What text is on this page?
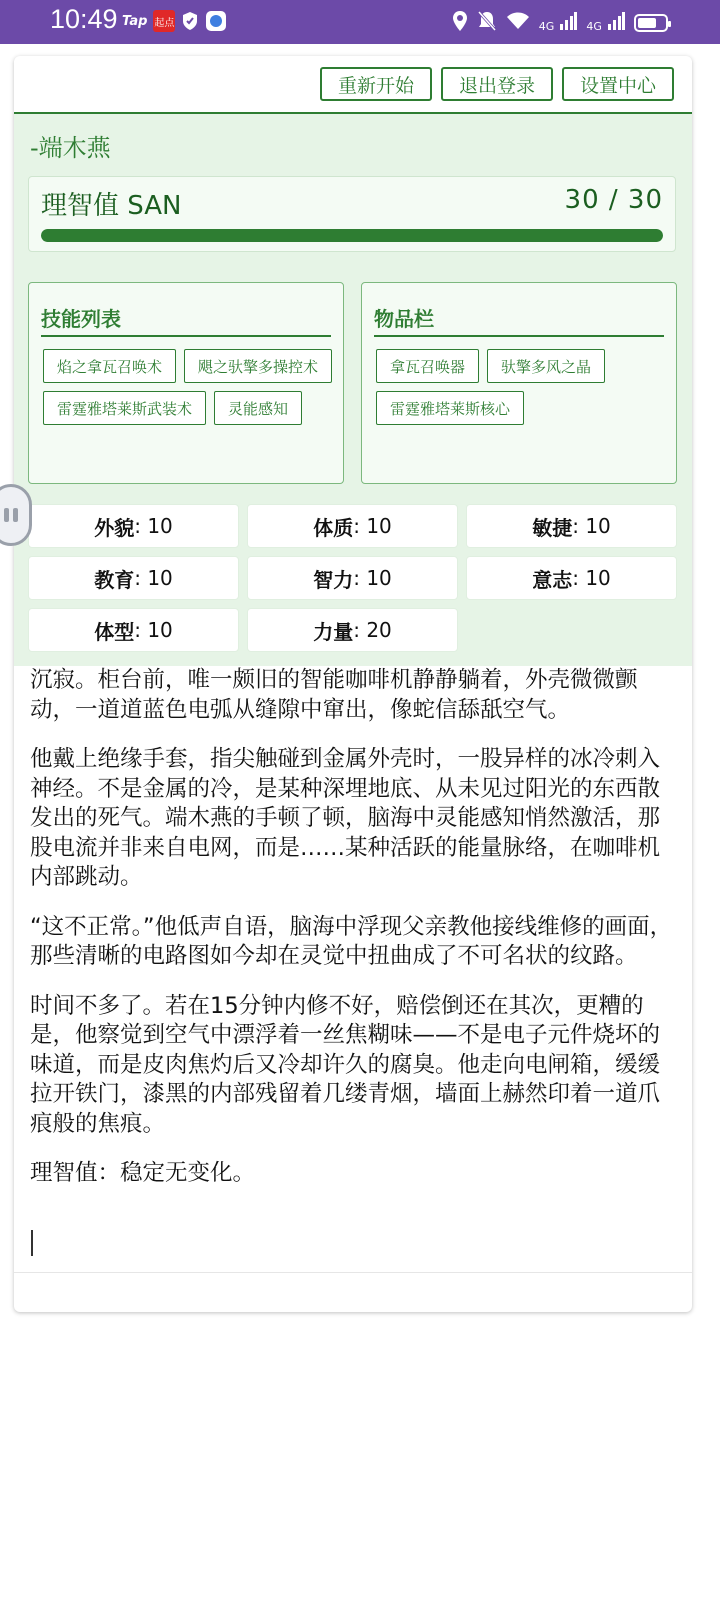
10:49 Tap 起点	4G	4G
重新开始	退出登录	设置中心

沉寂。柜台前，唯一颇旧的智能咖啡机静静躺着，外壳微微颤动，一道道蓝色电弧从缝隙中窜出，像蛇信舔舐空气。

他戴上绝缘手套，指尖触碰到金属外壳时，一股异样的冰冷刺入神经。不是金属的冷，是某种深埋地底、从未见过阳光的东西散发出的死气。端木燕的手顿了顿，脑海中灵能感知悄然激活，那股电流并非来自电网，而是……某种活跃的能量脉络，在咖啡机内部跳动。

“这不正常。”他低声自语，脑海中浮现父亲教他接线维修的画面，那些清晰的电路图如今却在灵觉中扭曲成了不可名状的纹路。

时间不多了。若在15分钟内修不好，赔偿倒还在其次，更糟的是，他察觉到空气中漂浮着一丝焦糊味——不是电子元件烧坏的味道，而是皮肉焦灼后又冷却许久的腐臭。他走向电闸箱，缓缓拉开铁门，漆黑的内部残留着几缕青烟，墙面上赫然印着一道爪痕般的焦痕。

理智值：稳定无变化。

-端木燕
理智值 SAN	30 / 30
技能列表
焰之拿瓦召唤术	飓之驮擎多操控术
雷霆雅塔莱斯武装术	灵能感知
物品栏
拿瓦召唤器	驮擎多风之晶
雷霆雅塔莱斯核心
外貌 : 10	体质 : 10	敏捷 : 10
教育 : 10	智力 : 10	意志 : 10
体型 : 10	力量 : 20
